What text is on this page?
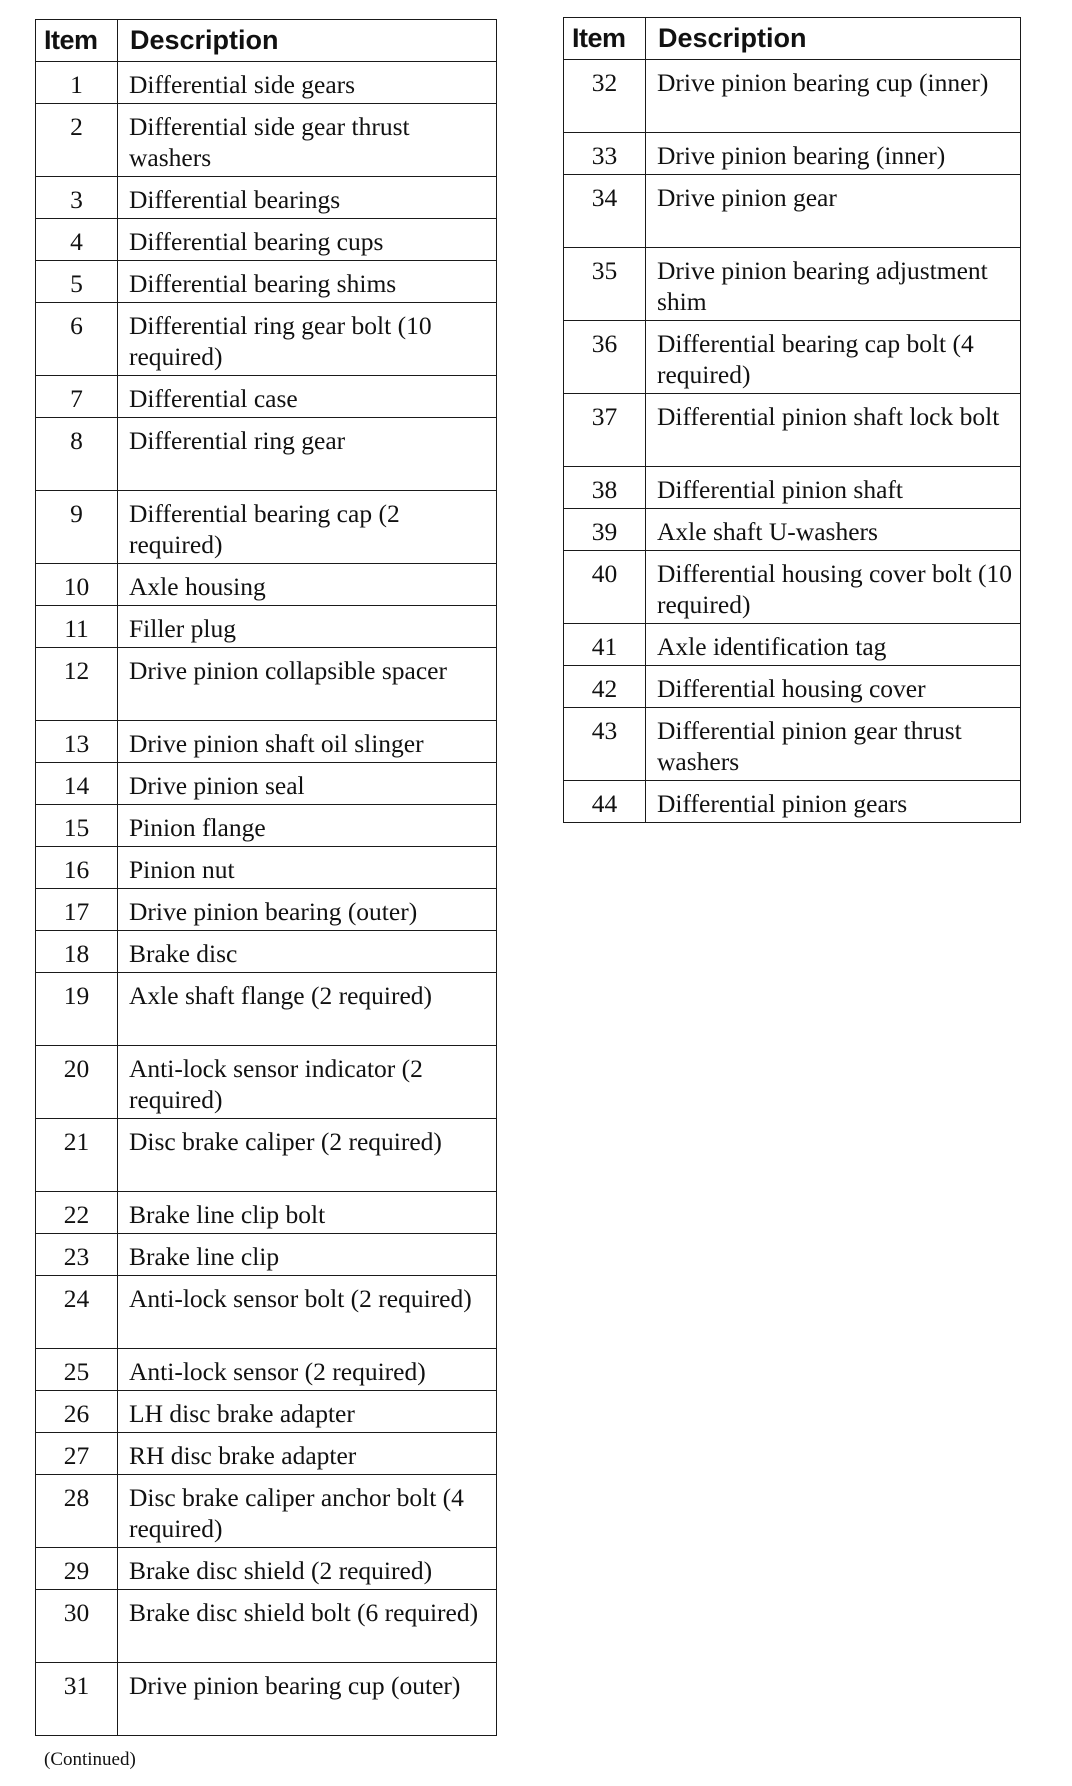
Item	Description
1	Differential side gears
2	Differential side gear thrust washers
3	Differential bearings
4	Differential bearing cups
5	Differential bearing shims
6	Differential ring gear bolt (10 required)
7	Differential case
8	Differential ring gear
9	Differential bearing cap (2 required)
10	Axle housing
11	Filler plug
12	Drive pinion collapsible spacer
13	Drive pinion shaft oil slinger
14	Drive pinion seal
15	Pinion flange
16	Pinion nut
17	Drive pinion bearing (outer)
18	Brake disc
19	Axle shaft flange (2 required)
20	Anti-lock sensor indicator (2 required)
21	Disc brake caliper (2 required)
22	Brake line clip bolt
23	Brake line clip
24	Anti-lock sensor bolt (2 required)
25	Anti-lock sensor (2 required)
26	LH disc brake adapter
27	RH disc brake adapter
28	Disc brake caliper anchor bolt (4 required)
29	Brake disc shield (2 required)
30	Brake disc shield bolt (6 required)
31	Drive pinion bearing cup (outer)
Item	Description
32	Drive pinion bearing cup (inner)
33	Drive pinion bearing (inner)
34	Drive pinion gear
35	Drive pinion bearing adjustment shim
36	Differential bearing cap bolt (4 required)
37	Differential pinion shaft lock bolt
38	Differential pinion shaft
39	Axle shaft U-washers
40	Differential housing cover bolt (10 required)
41	Axle identification tag
42	Differential housing cover
43	Differential pinion gear thrust washers
44	Differential pinion gears
(Continued)
